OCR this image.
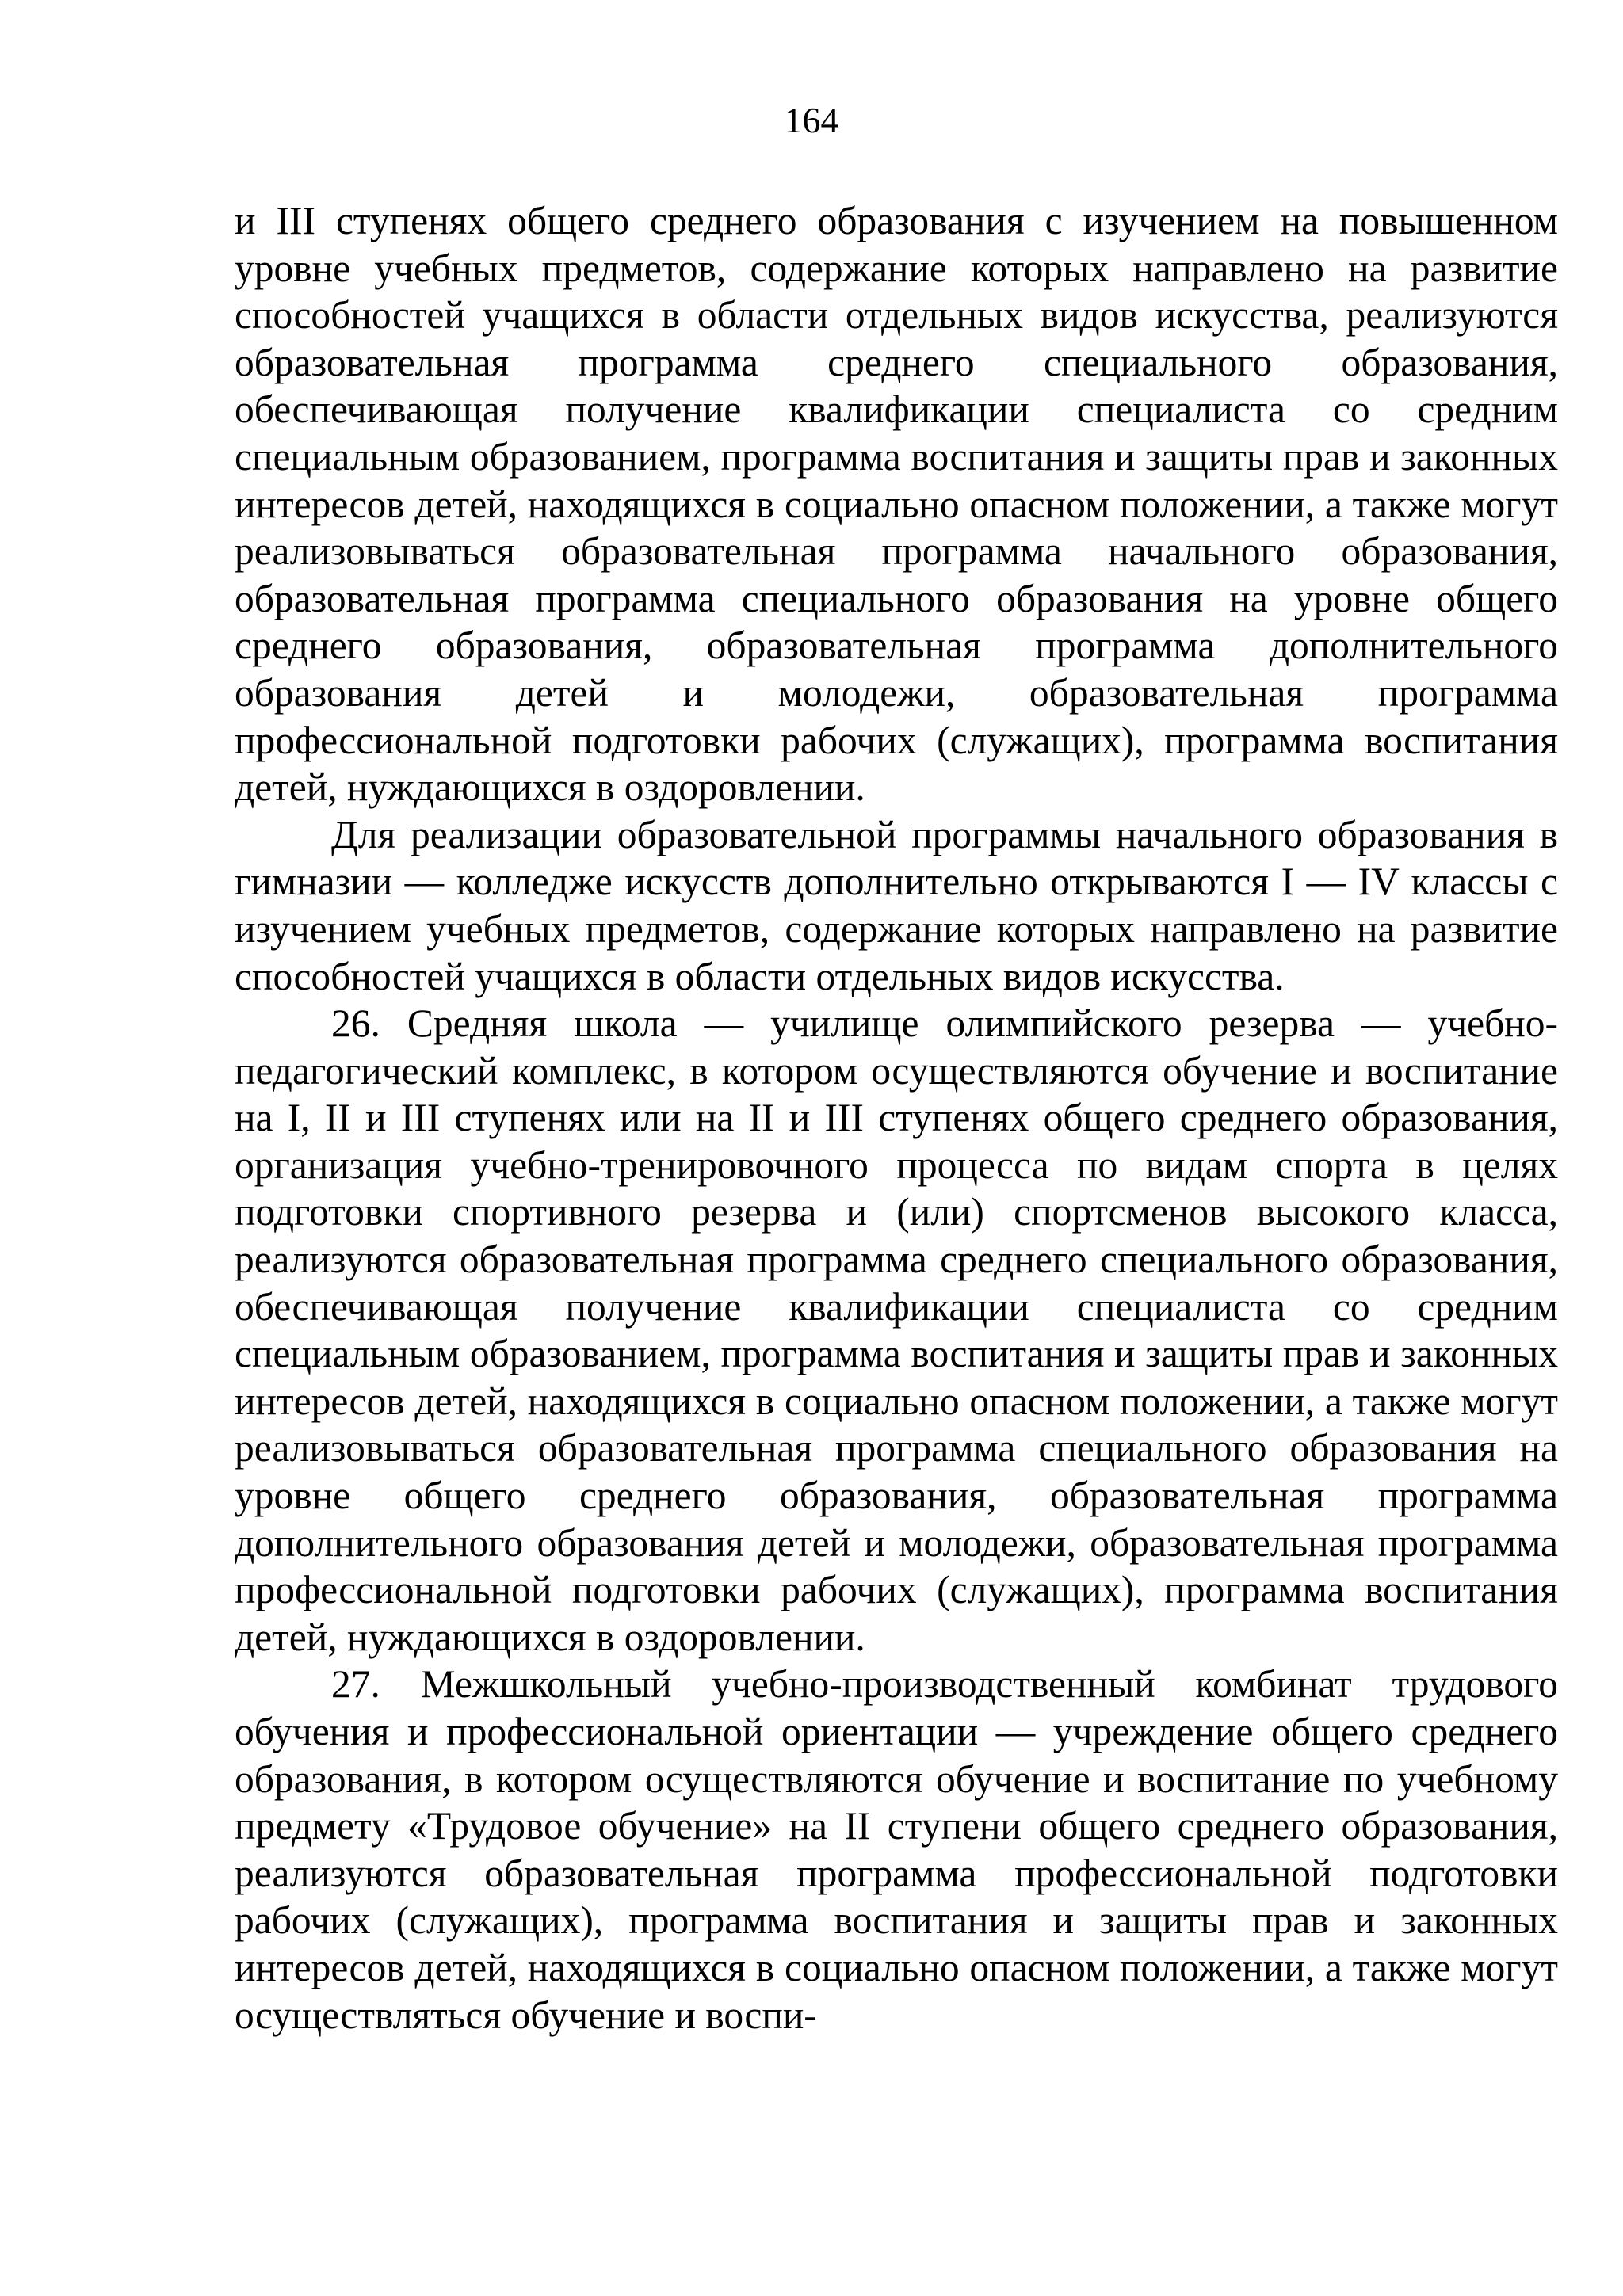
164

и III ступенях общего среднего образования с изучением на повышенном уровне учебных предметов, содержание которых направлено на развитие способностей учащихся в области отдельных видов искусства, реализуются образовательная программа среднего специального образования, обеспечивающая получение квалификации специалиста со средним специальным образованием, программа воспитания и защиты прав и законных интересов детей, находящихся в социально опасном положении, а также могут реализовываться образовательная программа начального образования, образовательная программа специального образования на уровне общего среднего образования, образовательная программа дополнительного образования детей и молодежи, образовательная программа профессиональной подготовки рабочих (служащих), программа воспитания детей, нуждающихся в оздоровлении.

Для реализации образовательной программы начального образования в гимназии — колледже искусств дополнительно открываются I — IV классы с изучением учебных предметов, содержание которых направлено на развитие способностей учащихся в области отдельных видов искусства.

26. Средняя школа — училище олимпийского резерва — учебно-педагогический комплекс, в котором осуществляются обучение и воспитание на I, II и III ступенях или на II и III ступенях общего среднего образования, организация учебно-тренировочного процесса по видам спорта в целях подготовки спортивного резерва и (или) спортсменов высокого класса, реализуются образовательная программа среднего специального образования, обеспечивающая получение квалификации специалиста со средним специальным образованием, программа воспитания и защиты прав и законных интересов детей, находящихся в социально опасном положении, а также могут реализовываться образовательная программа специального образования на уровне общего среднего образования, образовательная программа дополнительного образования детей и молодежи, образовательная программа профессиональной подготовки рабочих (служащих), программа воспитания детей, нуждающихся в оздоровлении.

27. Межшкольный учебно-производственный комбинат трудового обучения и профессиональной ориентации — учреждение общего среднего образования, в котором осуществляются обучение и воспитание по учебному предмету «Трудовое обучение» на II ступени общего среднего образования, реализуются образовательная программа профессиональной подготовки рабочих (служащих), программа воспитания и защиты прав и законных интересов детей, находящихся в социально опасном положении, а также могут осуществляться обучение и воспи-
